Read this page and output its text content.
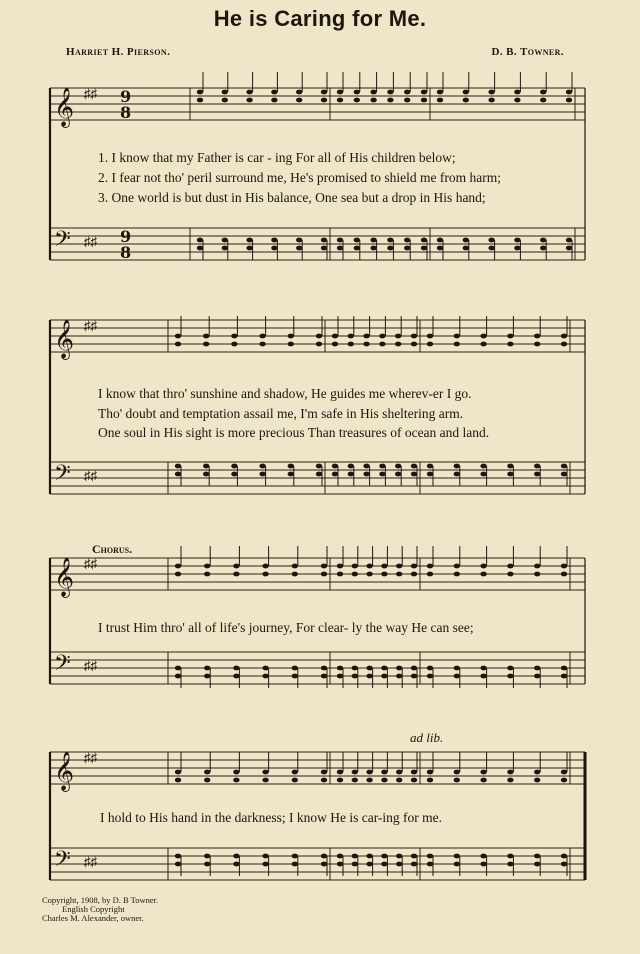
He is Caring for Me.
Harriet H. Pierson.	D. B. Towner.
𝄞 ♯♯
𝄢 ♯♯
𝄞 ♯♯
𝄢 ♯♯
𝄞 ♯♯
𝄢 ♯♯
𝄞 ♯♯
𝄢 ♯♯
9
8
9
8
1. I know that my Father is car - ing For all of His children below;
2. I fear not tho' peril surround me, He's promised to shield me from harm;
3. One world is but dust in His balance, One sea but a drop in His hand;
I know that thro' sunshine and shadow, He guides me wherev-er I go.
Tho' doubt and temptation assail me, I'm safe in His sheltering arm.
One soul in His sight is more precious Than treasures of ocean and land.
Chorus.
I trust Him thro' all of life's journey, For clear- ly the way He can see;
ad lib.
I hold to His hand in the darkness; I know He is car-ing for me.
Copyright, 1908, by D. B Towner.
English Copyright
Charles M. Alexander, owner.
